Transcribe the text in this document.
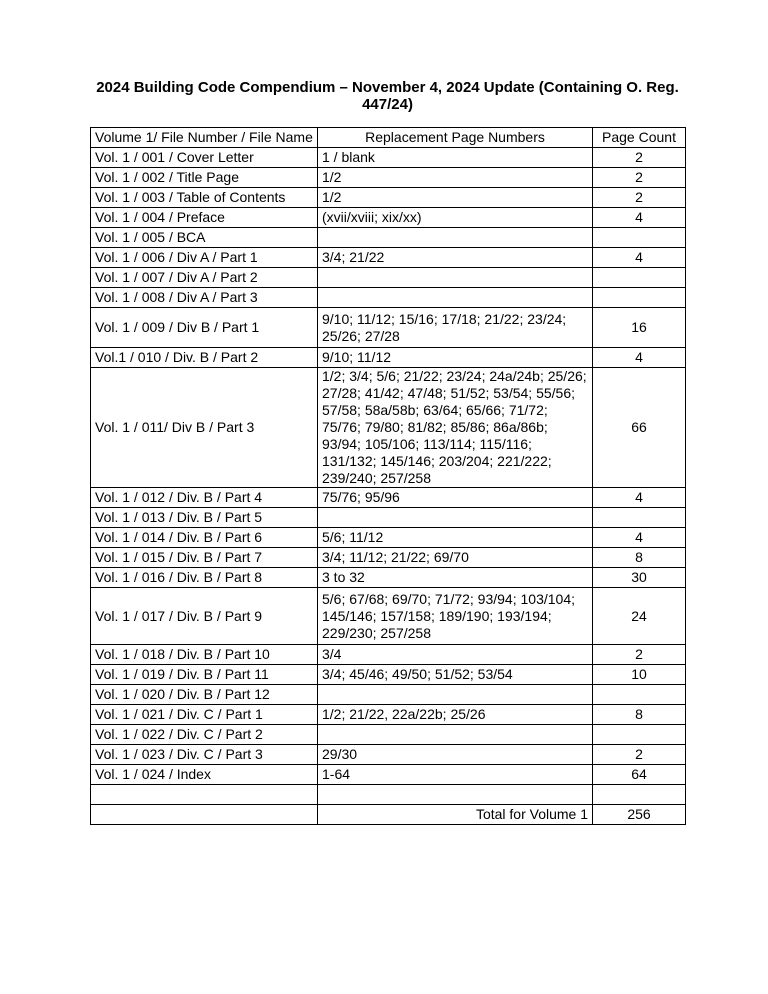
2024 Building Code Compendium – November 4, 2024 Update (Containing O. Reg. 447/24)
Volume 1/ File Number / File Name	Replacement Page Numbers	Page Count
Vol. 1 / 001 / Cover Letter	1 / blank	2
Vol. 1 / 002 / Title Page	1/2	2
Vol. 1 / 003 / Table of Contents	1/2	2
Vol. 1 / 004 / Preface	(xvii/xviii; xix/xx)	4
Vol. 1 / 005 / BCA		
Vol. 1 / 006 / Div A / Part 1	3/4; 21/22	4
Vol. 1 / 007 / Div A / Part 2		
Vol. 1 / 008 / Div A / Part 3		
Vol. 1 / 009 / Div B / Part 1	9/10; 11/12; 15/16; 17/18; 21/22; 23/24; 25/26; 27/28	16
Vol.1 / 010 / Div. B / Part 2	9/10; 11/12	4
Vol. 1 / 011/ Div B / Part 3	1/2; 3/4; 5/6; 21/22; 23/24; 24a/24b; 25/26; 27/28; 41/42; 47/48; 51/52; 53/54; 55/56; 57/58; 58a/58b; 63/64; 65/66; 71/72; 75/76; 79/80; 81/82; 85/86; 86a/86b; 93/94; 105/106; 113/114; 115/116; 131/132; 145/146; 203/204; 221/222; 239/240; 257/258	66
Vol. 1 / 012 / Div. B / Part 4	75/76; 95/96	4
Vol. 1 / 013 / Div. B / Part 5		
Vol. 1 / 014 / Div. B / Part 6	5/6; 11/12	4
Vol. 1 / 015 / Div. B / Part 7	3/4; 11/12; 21/22; 69/70	8
Vol. 1 / 016 / Div. B / Part 8	3 to 32	30
Vol. 1 / 017 / Div. B / Part 9	5/6; 67/68; 69/70; 71/72; 93/94; 103/104; 145/146; 157/158; 189/190; 193/194; 229/230; 257/258	24
Vol. 1 / 018 / Div. B / Part 10	3/4	2
Vol. 1 / 019 / Div. B / Part 11	3/4; 45/46; 49/50; 51/52; 53/54	10
Vol. 1 / 020 / Div. B / Part 12		
Vol. 1 / 021 / Div. C / Part 1	1/2; 21/22, 22a/22b; 25/26	8
Vol. 1 / 022 / Div. C / Part 2		
Vol. 1 / 023 / Div. C / Part 3	29/30	2
Vol. 1 / 024 / Index	1-64	64

	Total for Volume 1	256
